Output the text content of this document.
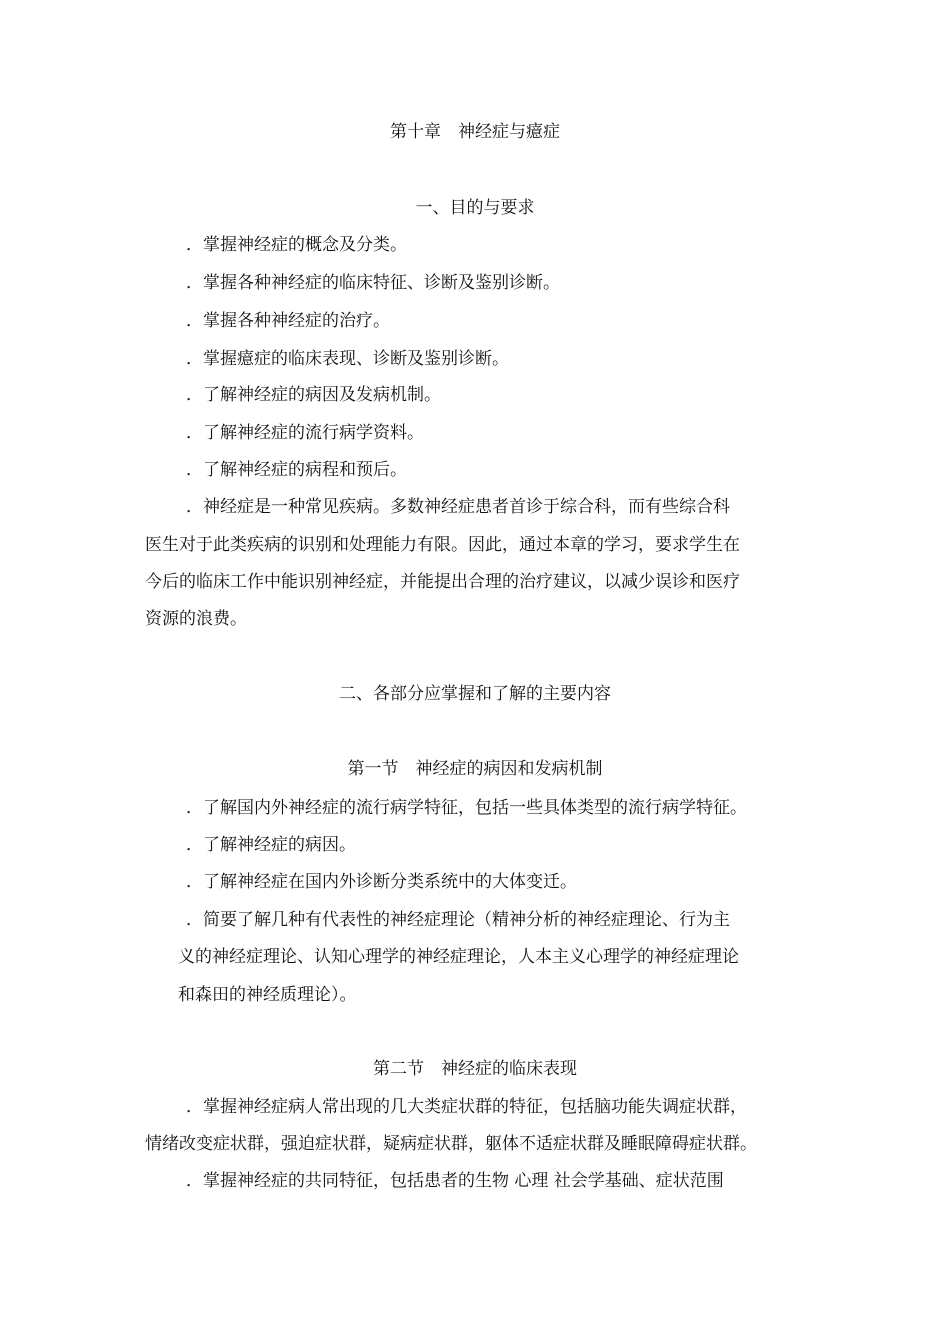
第十章　神经症与癔症
一、目的与要求
．掌握神经症的概念及分类。
．掌握各种神经症的临床特征、诊断及鉴别诊断。
．掌握各种神经症的治疗。
．掌握癔症的临床表现、诊断及鉴别诊断。
．了解神经症的病因及发病机制。
．了解神经症的流行病学资料。
．了解神经症的病程和预后。
．神经症是一种常见疾病。多数神经症患者首诊于综合科，而有些综合科
医生对于此类疾病的识别和处理能力有限。因此，通过本章的学习，要求学生在
今后的临床工作中能识别神经症，并能提出合理的治疗建议，以减少误诊和医疗
资源的浪费。
二、各部分应掌握和了解的主要内容
第一节　神经症的病因和发病机制
．了解国内外神经症的流行病学特征，包括一些具体类型的流行病学特征。
．了解神经症的病因。
．了解神经症在国内外诊断分类系统中的大体变迁。
．简要了解几种有代表性的神经症理论（精神分析的神经症理论、行为主
义的神经症理论、认知心理学的神经症理论，人本主义心理学的神经症理论
和森田的神经质理论）。
第二节　神经症的临床表现
．掌握神经症病人常出现的几大类症状群的特征，包括脑功能失调症状群，
情绪改变症状群，强迫症状群，疑病症状群，躯体不适症状群及睡眠障碍症状群。
．掌握神经症的共同特征，包括患者的生物 心理 社会学基础、症状范围
